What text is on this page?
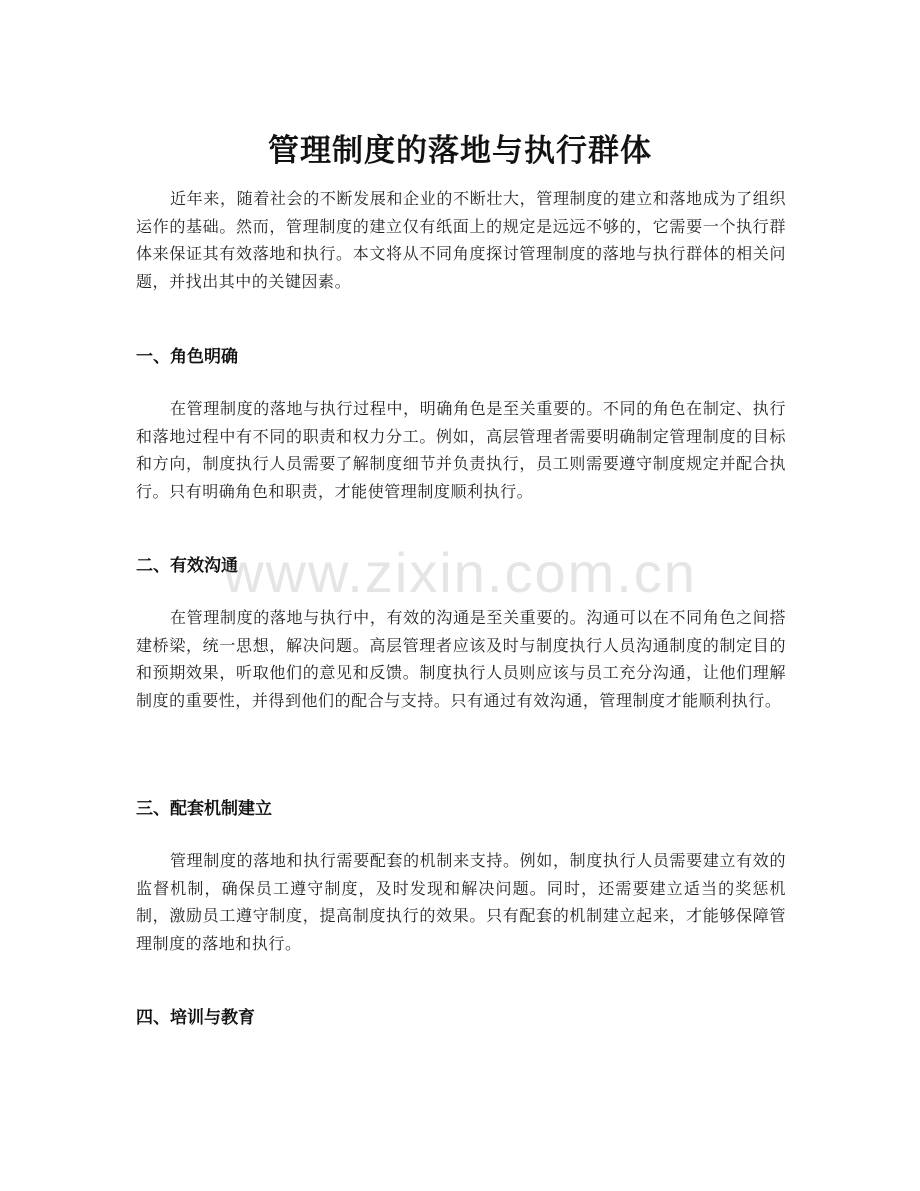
管理制度的落地与执行群体

近年来，随着社会的不断发展和企业的不断壮大，管理制度的建立和落地成为了组织运作的基础。然而，管理制度的建立仅有纸面上的规定是远远不够的，它需要一个执行群体来保证其有效落地和执行。本文将从不同角度探讨管理制度的落地与执行群体的相关问题，并找出其中的关键因素。

一、角色明确

在管理制度的落地与执行过程中，明确角色是至关重要的。不同的角色在制定、执行和落地过程中有不同的职责和权力分工。例如，高层管理者需要明确制定管理制度的目标和方向，制度执行人员需要了解制度细节并负责执行，员工则需要遵守制度规定并配合执行。只有明确角色和职责，才能使管理制度顺利执行。

二、有效沟通

在管理制度的落地与执行中，有效的沟通是至关重要的。沟通可以在不同角色之间搭建桥梁，统一思想，解决问题。高层管理者应该及时与制度执行人员沟通制度的制定目的和预期效果，听取他们的意见和反馈。制度执行人员则应该与员工充分沟通，让他们理解制度的重要性，并得到他们的配合与支持。只有通过有效沟通，管理制度才能顺利执行。

三、配套机制建立

管理制度的落地和执行需要配套的机制来支持。例如，制度执行人员需要建立有效的监督机制，确保员工遵守制度，及时发现和解决问题。同时，还需要建立适当的奖惩机制，激励员工遵守制度，提高制度执行的效果。只有配套的机制建立起来，才能够保障管理制度的落地和执行。

四、培训与教育
www.zixin.com.cn
